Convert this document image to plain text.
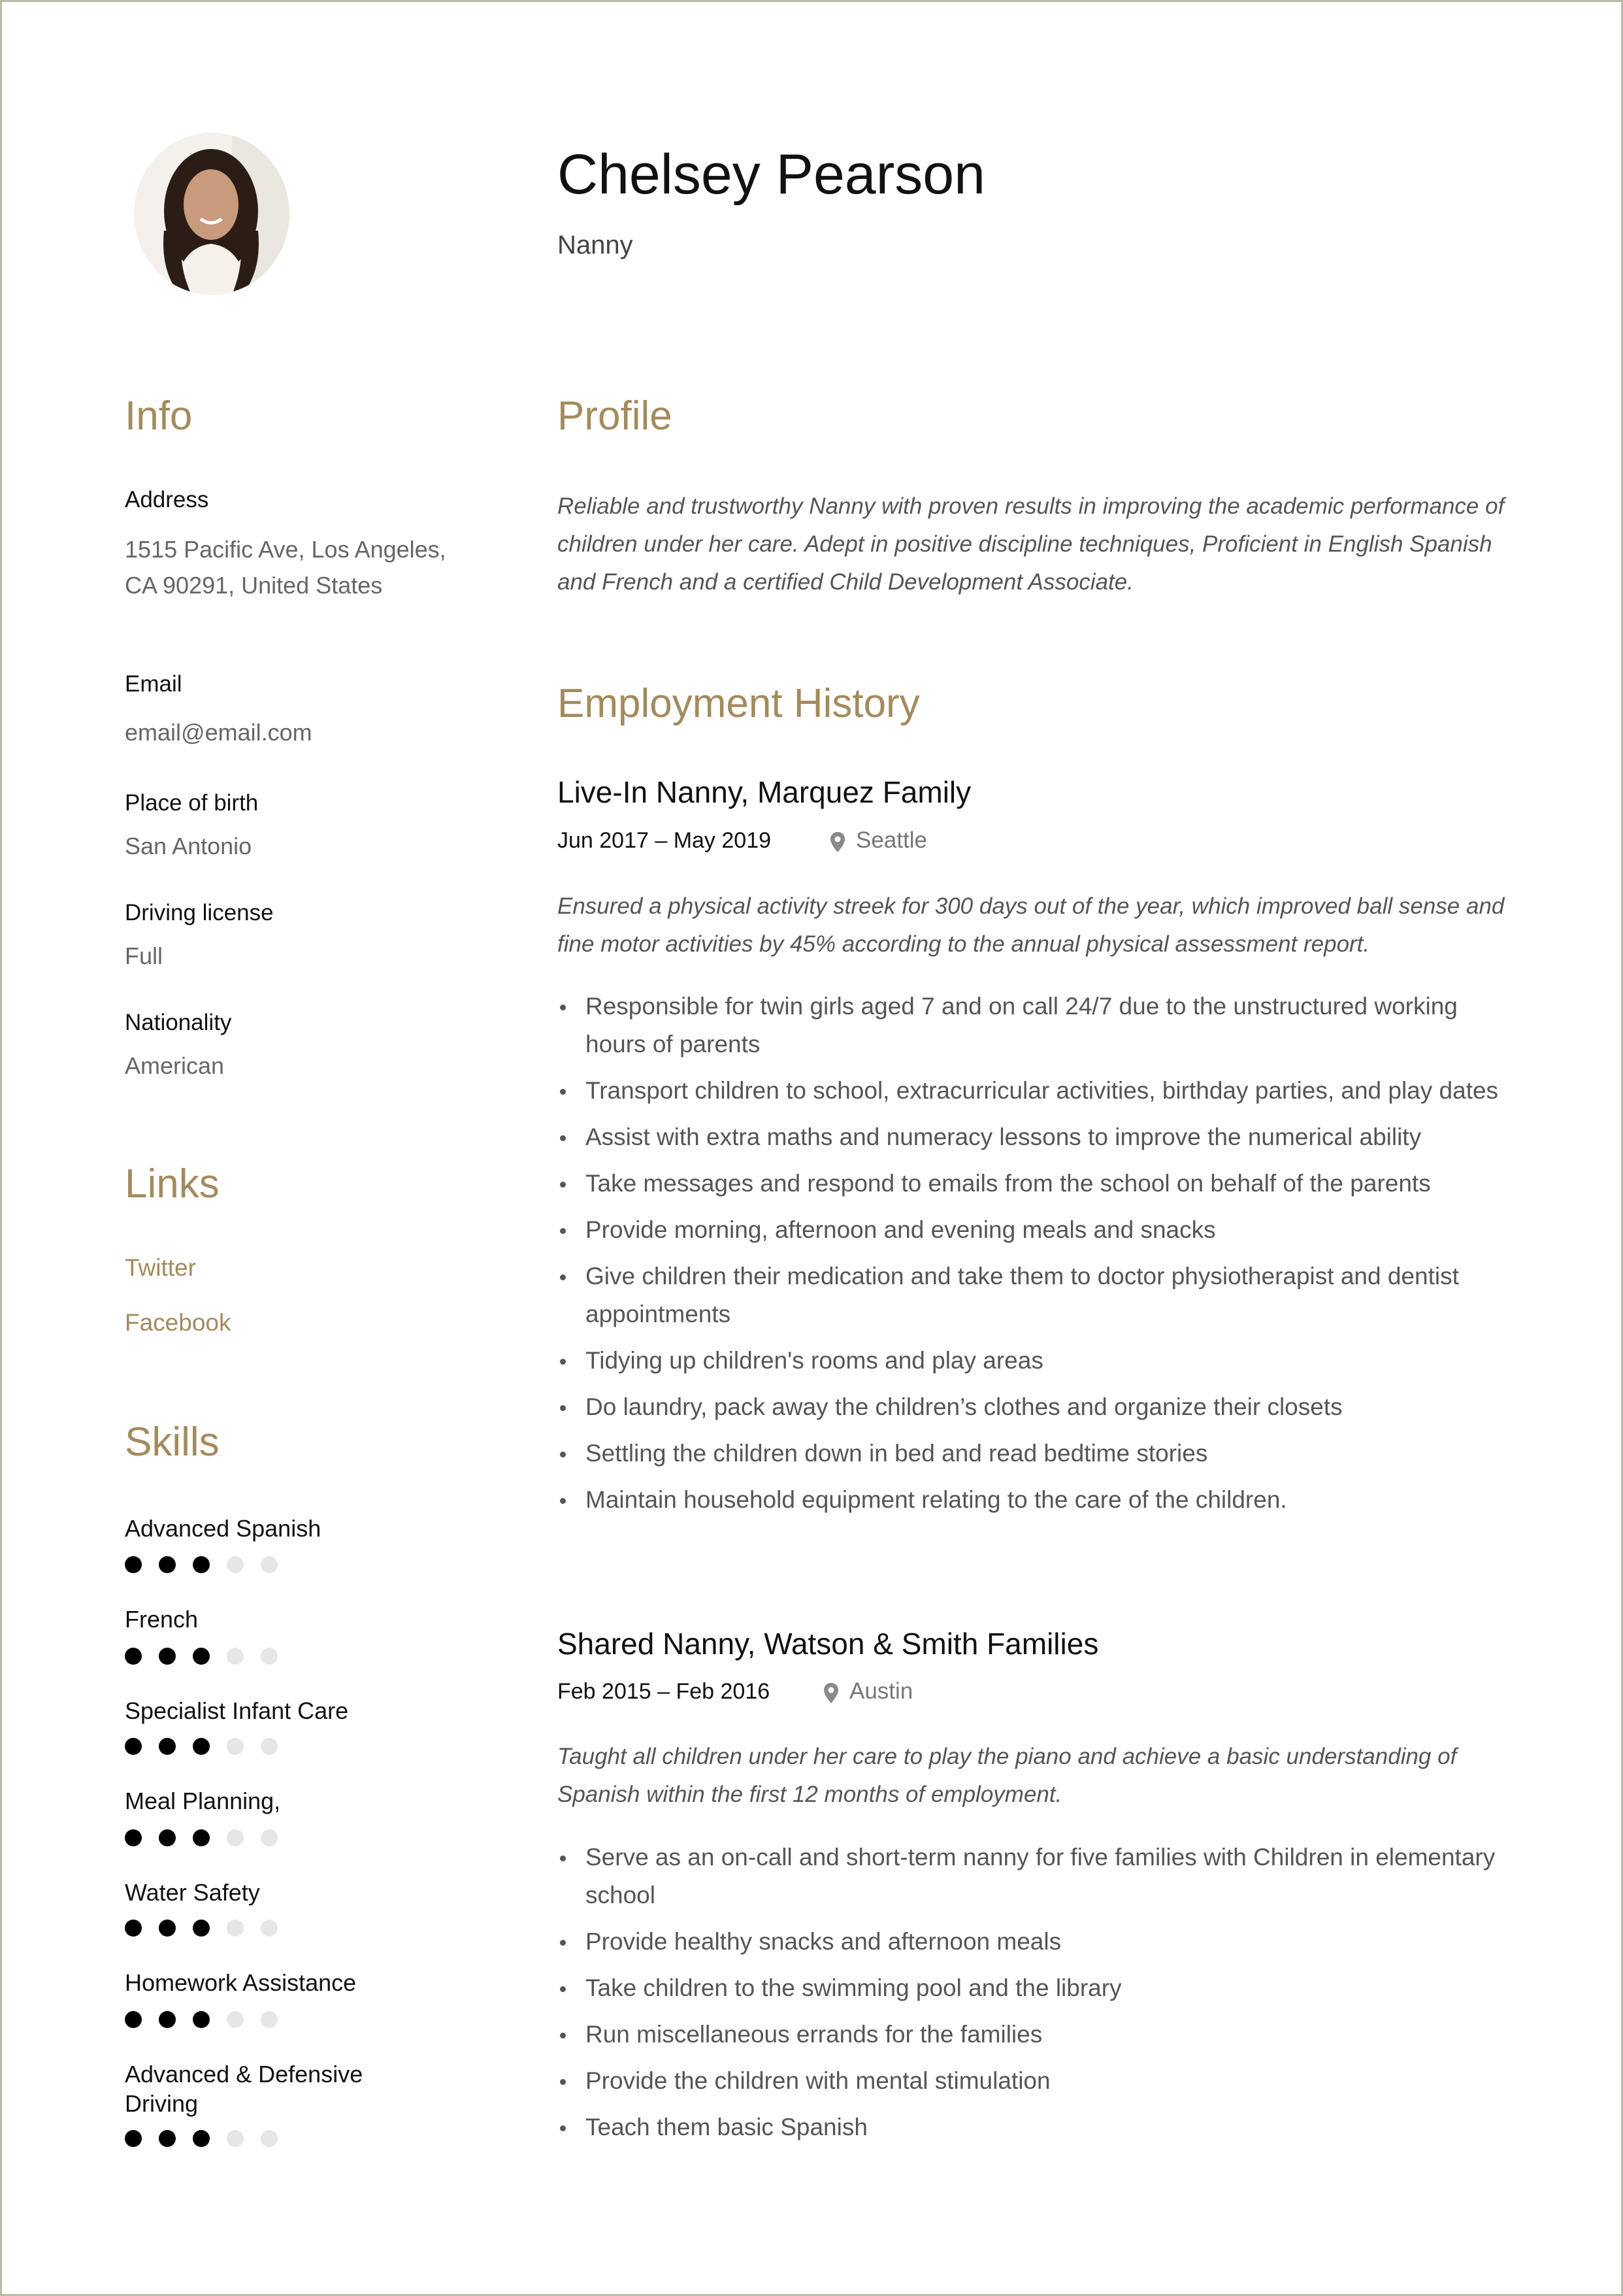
Chelsey Pearson
Nanny
Info
Address
1515 Pacific Ave, Los Angeles, CA 90291, United States
Email
email@email.com
Place of birth
San Antonio
Driving license
Full
Nationality
American
Links
Twitter
Facebook
Skills
Advanced Spanish
French
Specialist Infant Care
Meal Planning,
Water Safety
Homework Assistance
Advanced & Defensive Driving
Profile
Reliable and trustworthy Nanny with proven results in improving the academic performance of children under her care. Adept in positive discipline techniques, Proficient in English Spanish and French and a certified Child Development Associate.
Employment History
Live-In Nanny, Marquez Family
Jun 2017 – May 2019	Seattle
Ensured a physical activity streek for 300 days out of the year, which improved ball sense and fine motor activities by 45% according to the annual physical assessment report.
Responsible for twin girls aged 7 and on call 24/7 due to the unstructured working hours of parents
Transport children to school, extracurricular activities, birthday parties, and play dates
Assist with extra maths and numeracy lessons to improve the numerical ability
Take messages and respond to emails from the school on behalf of the parents
Provide morning, afternoon and evening meals and snacks
Give children their medication and take them to doctor physiotherapist and dentist appointments
Tidying up children's rooms and play areas
Do laundry, pack away the children’s clothes and organize their closets
Settling the children down in bed and read bedtime stories
Maintain household equipment relating to the care of the children.
Shared Nanny, Watson & Smith Families
Feb 2015 – Feb 2016	Austin
Taught all children under her care to play the piano and achieve a basic understanding of Spanish within the first 12 months of employment.
Serve as an on-call and short-term nanny for five families with Children in elementary school
Provide healthy snacks and afternoon meals
Take children to the swimming pool and the library
Run miscellaneous errands for the families
Provide the children with mental stimulation
Teach them basic Spanish
